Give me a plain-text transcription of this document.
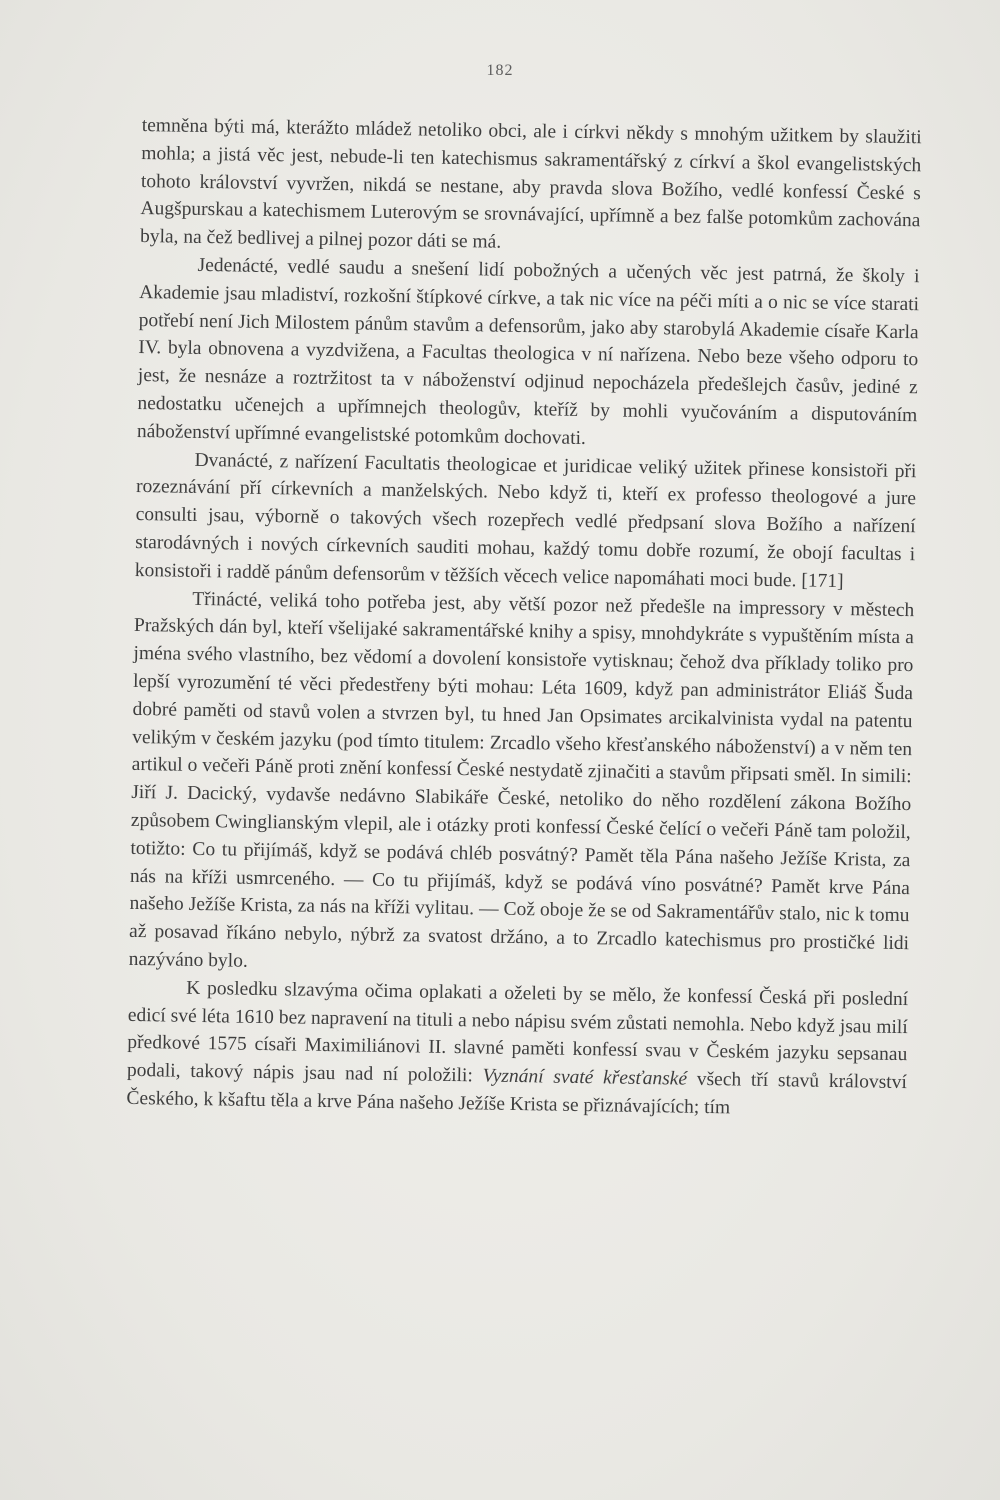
182

temněna býti má, kterážto mládež netoliko obci, ale i církvi někdy s mnohým užitkem by slaužiti mohla; a jistá věc jest, nebude-li ten katechismus sakramentářský z církví a škol evangelistských tohoto království vyvržen, nikdá se nestane, aby pravda slova Božího, vedlé konfessí České s Augšpurskau a katechismem Luterovým se srovnávající, upřímně a bez falše potomkům zachována byla, na čež bedlivej a pilnej pozor dáti se má.

Jedenácté, vedlé saudu a snešení lidí pobožných a učených věc jest patrná, že školy i Akademie jsau mladiství, rozkošní štípkové církve, a tak nic více na péči míti a o nic se více starati potřebí není Jich Milostem pánům stavům a defensorům, jako aby starobylá Akademie císaře Karla IV. byla obnovena a vyzdvižena, a Facultas theologica v ní nařízena. Nebo beze všeho odporu to jest, že nesnáze a roztržitost ta v náboženství odjinud nepocházela předešlejch časův, jediné z nedostatku učenejch a upřímnejch theologův, kteříž by mohli vyučováním a disputováním náboženství upřímné evangelistské potomkům dochovati.

Dvanácté, z nařízení Facultatis theologicae et juridicae veliký užitek přinese konsistoři při rozeznávání pří církevních a manželských. Nebo když ti, kteří ex professo theologové a jure consulti jsau, výborně o takových všech rozepřech vedlé předpsaní slova Božího a nařízení starodávných i nových církevních sauditi mohau, každý tomu dobře rozumí, že obojí facultas i konsistoři i raddě pánům defensorům v těžších věcech velice napomáhati moci bude. [171]

Třinácté, veliká toho potřeba jest, aby větší pozor než předešle na impressory v městech Pražských dán byl, kteří všelijaké sakramentářské knihy a spisy, mnohdykráte s vypuštěním místa a jména svého vlastního, bez vědomí a dovolení konsistoře vytisknau; čehož dva příklady toliko pro lepší vyrozumění té věci předestřeny býti mohau: Léta 1609, když pan administrátor Eliáš Šuda dobré paměti od stavů volen a stvrzen byl, tu hned Jan Opsimates arcikalvinista vydal na patentu velikým v českém jazyku (pod tímto titulem: Zrcadlo všeho křesťanského náboženství) a v něm ten artikul o večeři Páně proti znění konfessí České nestydatě zjinačiti a stavům připsati směl. In simili: Jiří J. Dacický, vydavše nedávno Slabikáře České, netoliko do něho rozdělení zákona Božího způsobem Cwinglianským vlepil, ale i otázky proti konfessí České čelící o večeři Páně tam položil, totižto: Co tu přijímáš, když se podává chléb posvátný? Pamět těla Pána našeho Ježíše Krista, za nás na kříži usmrceného. — Co tu přijímáš, když se podává víno posvátné? Pamět krve Pána našeho Ježíše Krista, za nás na kříži vylitau. — Což oboje že se od Sakramentářův stalo, nic k tomu až posavad říkáno nebylo, nýbrž za svatost držáno, a to Zrcadlo katechismus pro prostičké lidi nazýváno bylo.

K posledku slzavýma očima oplakati a oželeti by se mělo, že konfessí Česká při poslední edicí své léta 1610 bez napravení na tituli a nebo nápisu svém zůstati nemohla. Nebo když jsau milí předkové 1575 císaři Maximiliánovi II. slavné paměti konfessí svau v Českém jazyku sepsanau podali, takový nápis jsau nad ní položili: Vyznání svaté křesťanské všech tří stavů království Českého, k kšaftu těla a krve Pána našeho Ježíše Krista se přiznávajících; tím
